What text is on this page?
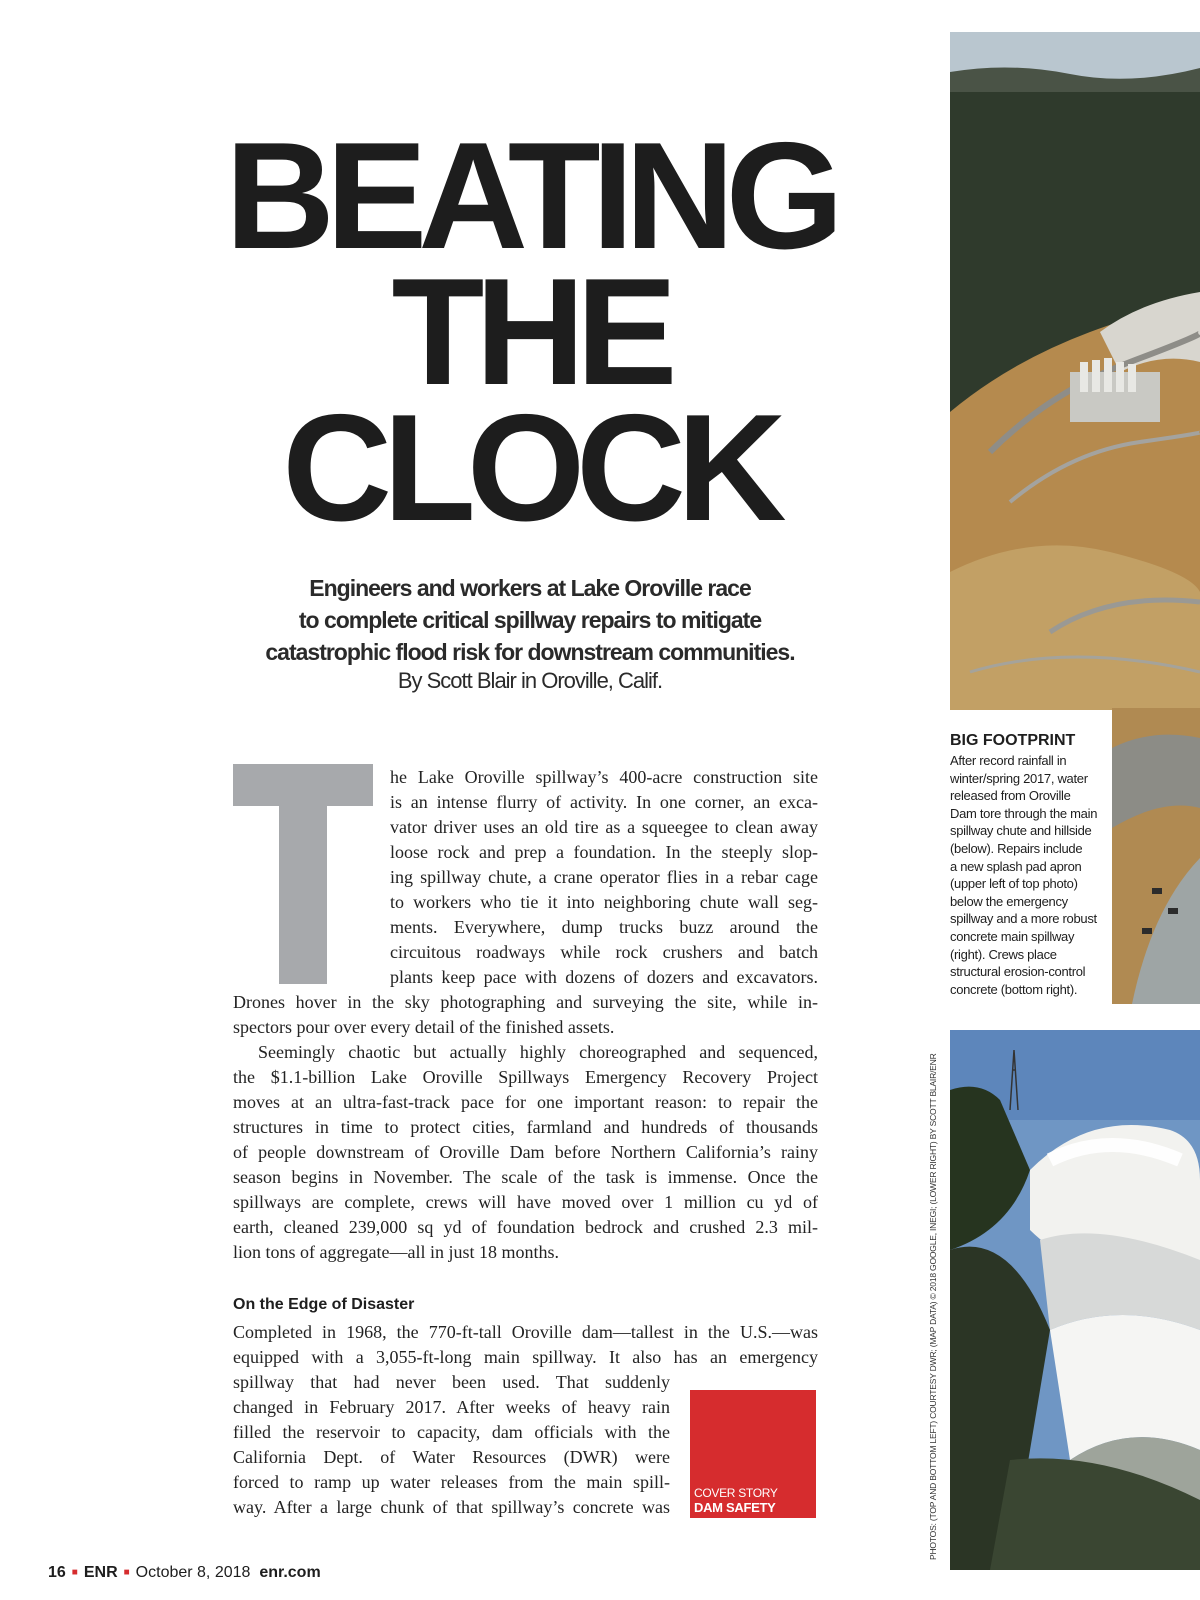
BEATING
THE
CLOCK
Engineers and workers at Lake Oroville race
to complete critical spillway repairs to mitigate
catastrophic flood risk for downstream communities.
By Scott Blair in Oroville, Calif.
he Lake Oroville spillway’s 400-acre construction site
is an intense flurry of activity. In one corner, an exca-
vator driver uses an old tire as a squeegee to clean away
loose rock and prep a foundation. In the steeply slop-
ing spillway chute, a crane operator flies in a rebar cage
to workers who tie it into neighboring chute wall seg-
ments. Everywhere, dump trucks buzz around the
circuitous roadways while rock crushers and batch
plants keep pace with dozens of dozers and excavators.
Drones hover in the sky photographing and surveying the site, while in-
spectors pour over every detail of the finished assets.
Seemingly chaotic but actually highly choreographed and sequenced,
the $1.1-billion Lake Oroville Spillways Emergency Recovery Project
moves at an ultra-fast-track pace for one important reason: to repair the
structures in time to protect cities, farmland and hundreds of thousands
of people downstream of Oroville Dam before Northern California’s rainy
season begins in November. The scale of the task is immense. Once the
spillways are complete, crews will have moved over 1 million cu yd of
earth, cleaned 239,000 sq yd of foundation bedrock and crushed 2.3 mil-
lion tons of aggregate—all in just 18 months.
On the Edge of Disaster
Completed in 1968, the 770-ft-tall Oroville dam—tallest in the U.S.—was
equipped with a 3,055-ft-long main spillway. It also has an emergency
spillway that had never been used. That suddenly
changed in February 2017. After weeks of heavy rain
filled the reservoir to capacity, dam officials with the
California Dept. of Water Resources (DWR) were
forced to ramp up water releases from the main spill-
way. After a large chunk of that spillway’s concrete was
COVER STORY
DAM SAFETY
16 ■ ENR ■ October 8, 2018 enr.com
BIG FOOTPRINT
After record rainfall in
winter/spring 2017, water
released from Oroville
Dam tore through the main
spillway chute and hillside
(below). Repairs include
a new splash pad apron
(upper left of top photo)
below the emergency
spillway and a more robust
concrete main spillway
(right). Crews place
structural erosion-control
concrete (bottom right).
PHOTOS: (TOP AND BOTTOM LEFT) COURTESY DWR; (MAP DATA) © 2018 GOOGLE, INEGI; (LOWER RIGHT) BY SCOTT BLAIR/ENR
